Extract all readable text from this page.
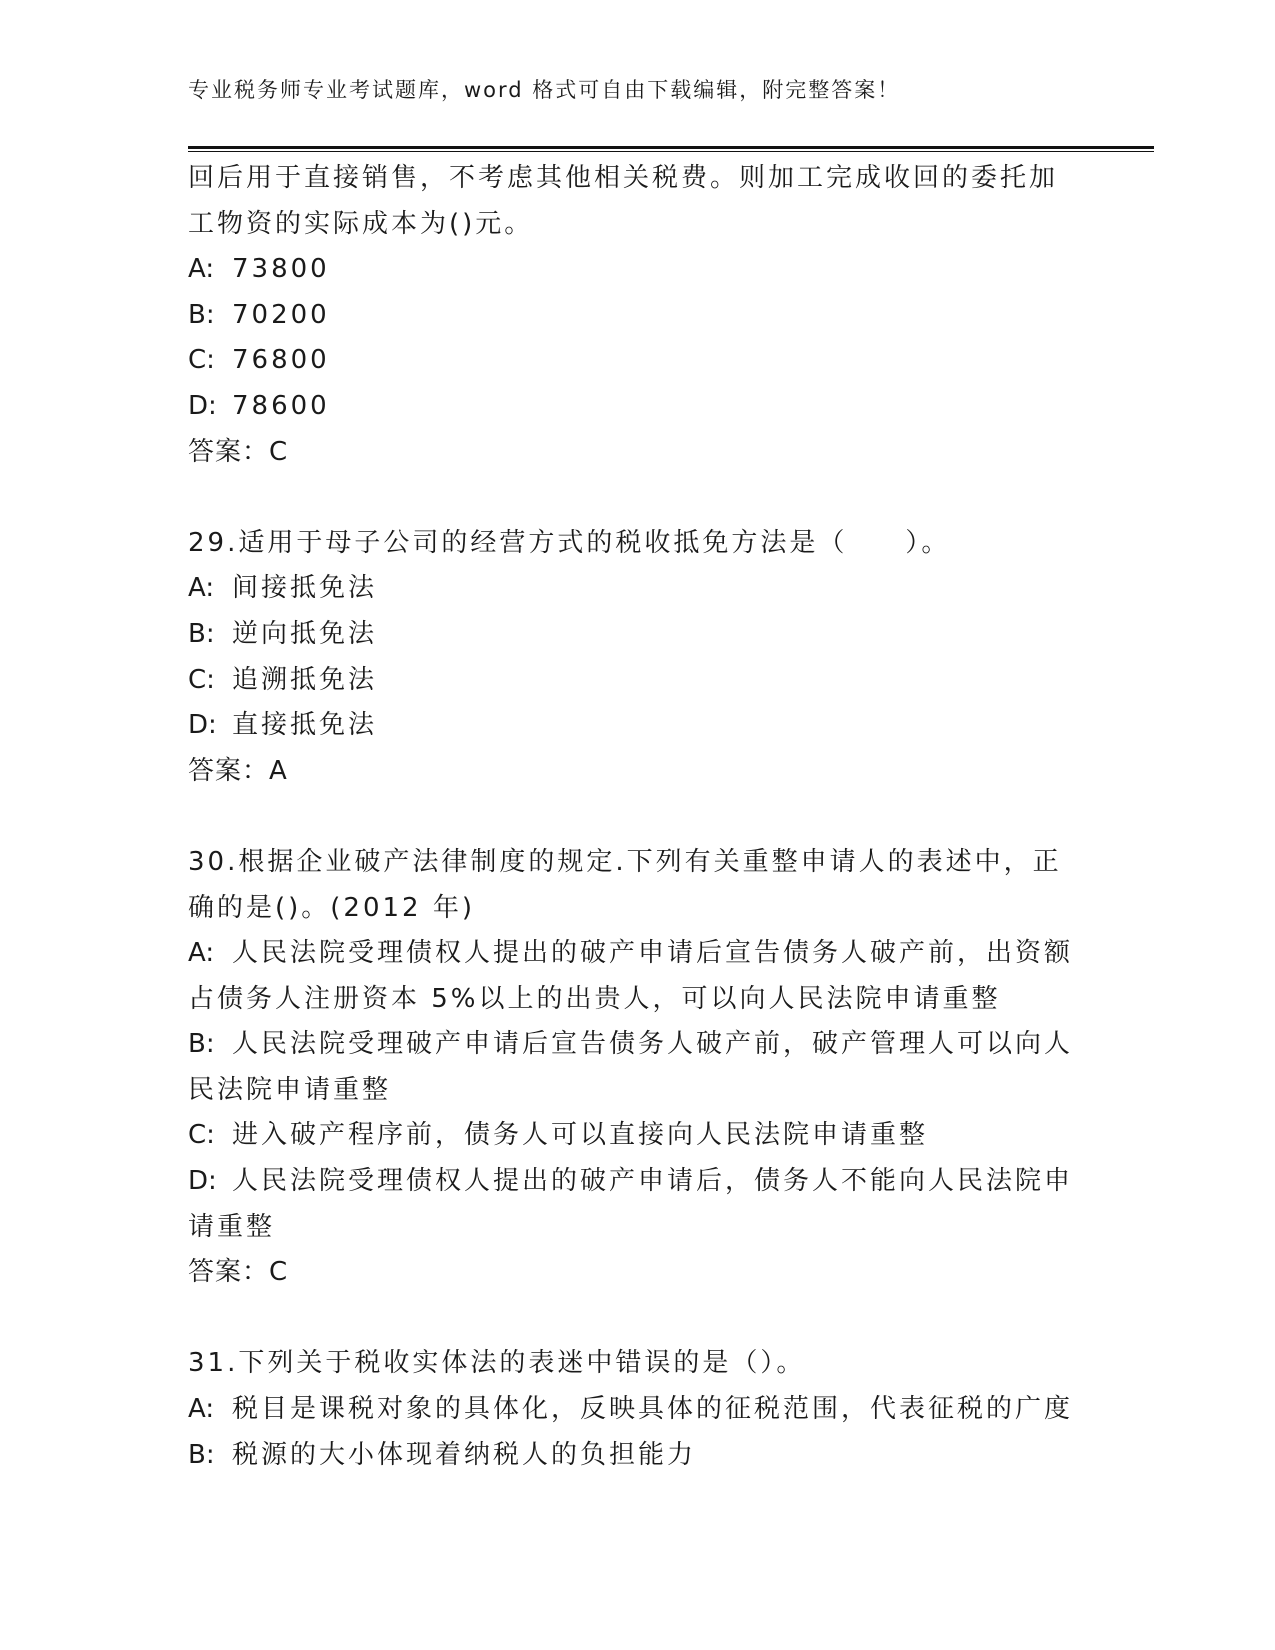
专业税务师专业考试题库，word 格式可自由下载编辑，附完整答案！
回后用于直接销售，不考虑其他相关税费。则加工完成收回的委托加
工物资的实际成本为()元。
A: 73800
B: 70200
C: 76800
D: 78600
答案：C
29.适用于母子公司的经营方式的税收抵免方法是（　　）。
A: 间接抵免法
B: 逆向抵免法
C: 追溯抵免法
D: 直接抵免法
答案：A
30.根据企业破产法律制度的规定.下列有关重整申请人的表述中，正
确的是()。(2012 年)
A: 人民法院受理债权人提出的破产申请后宣告债务人破产前，出资额
占债务人注册资本 5%以上的出贵人，可以向人民法院申请重整
B: 人民法院受理破产申请后宣告债务人破产前，破产管理人可以向人
民法院申请重整
C: 进入破产程序前，债务人可以直接向人民法院申请重整
D: 人民法院受理债权人提出的破产申请后，债务人不能向人民法院申
请重整
答案：C
31.下列关于税收实体法的表迷中错误的是（）。
A: 税目是课税对象的具体化，反映具体的征税范围，代表征税的广度
B: 税源的大小体现着纳税人的负担能力
